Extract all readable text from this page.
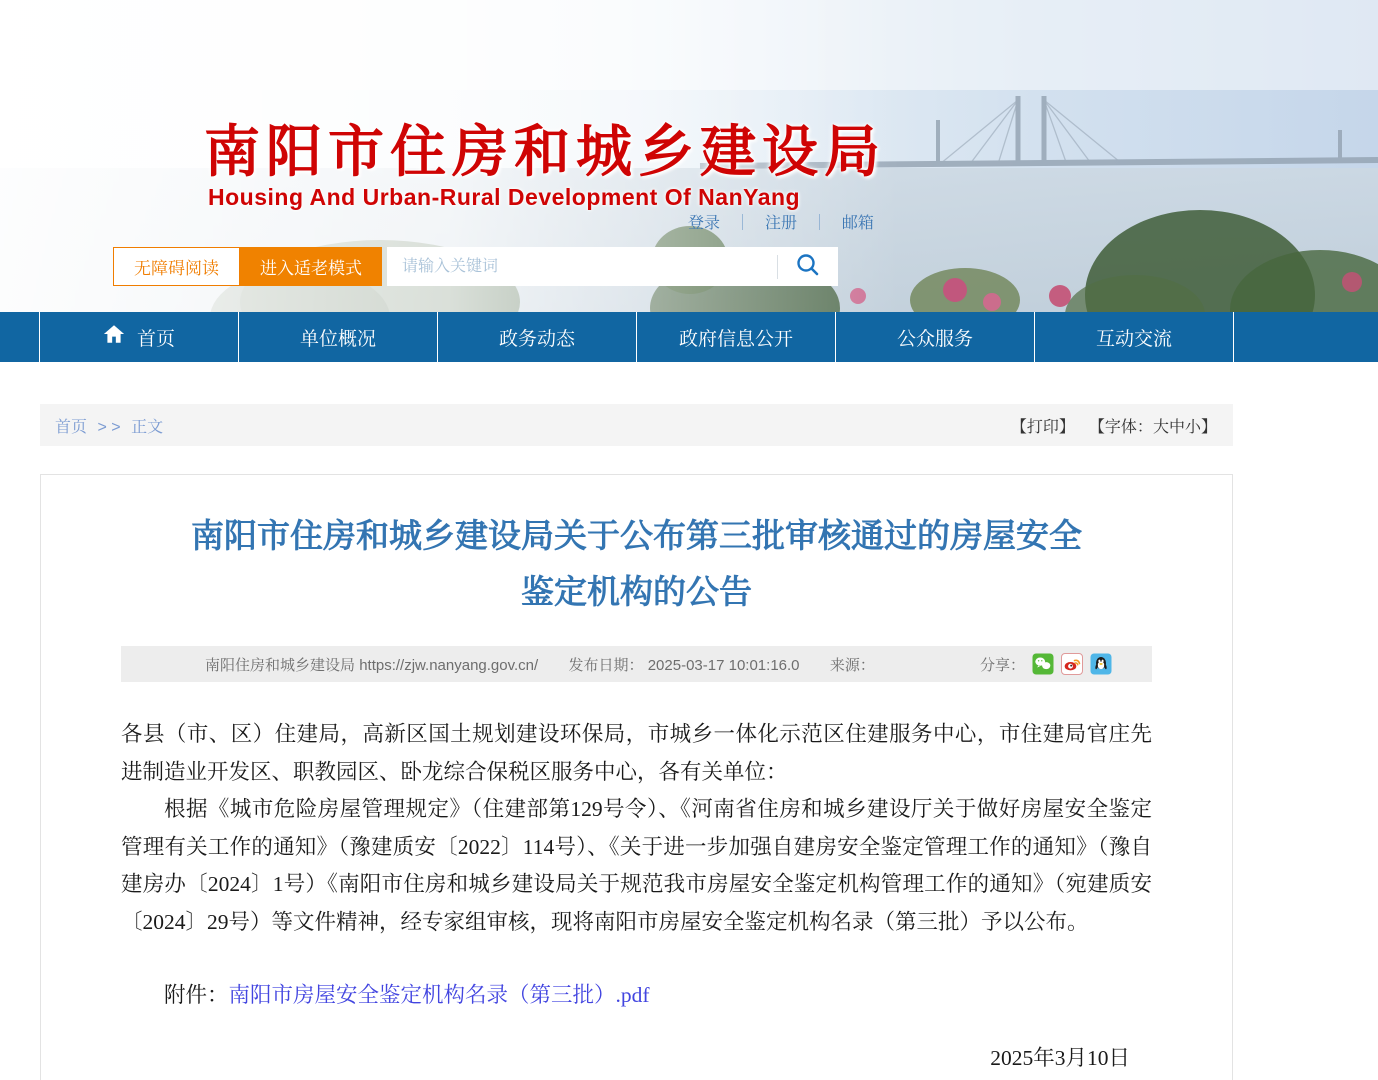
南阳市住房和城乡建设局
Housing And Urban-Rural Development Of NanYang
登录 ｜ 注册 ｜ 邮箱
无障碍阅读	进入适老模式
请输入关键词
首页	单位概况	政务动态	政府信息公开	公众服务	互动交流
首页 > > 正文	【打印】 【字体：大中小】
南阳市住房和城乡建设局关于公布第三批审核通过的房屋安全
鉴定机构的公告
南阳住房和城乡建设局 https://zjw.nanyang.gov.cn/ 发布日期： 2025-03-17 10:01:16.0 来源：	分享：

各县（市、区）住建局，高新区国土规划建设环保局，市城乡一体化示范区住建服务中心，市住建局官庄先进制造业开发区、职教园区、卧龙综合保税区服务中心，各有关单位：

根据《城市危险房屋管理规定》（住建部第129号令）、《河南省住房和城乡建设厅关于做好房屋安全鉴定管理有关工作的通知》（豫建质安〔2022〕114号）、《关于进一步加强自建房安全鉴定管理工作的通知》（豫自建房办〔2024〕1号）《南阳市住房和城乡建设局关于规范我市房屋安全鉴定机构管理工作的通知》（宛建质安〔2024〕29号）等文件精神，经专家组审核，现将南阳市房屋安全鉴定机构名录（第三批）予以公布。

附件：南阳市房屋安全鉴定机构名录（第三批）.pdf

2025年3月10日
